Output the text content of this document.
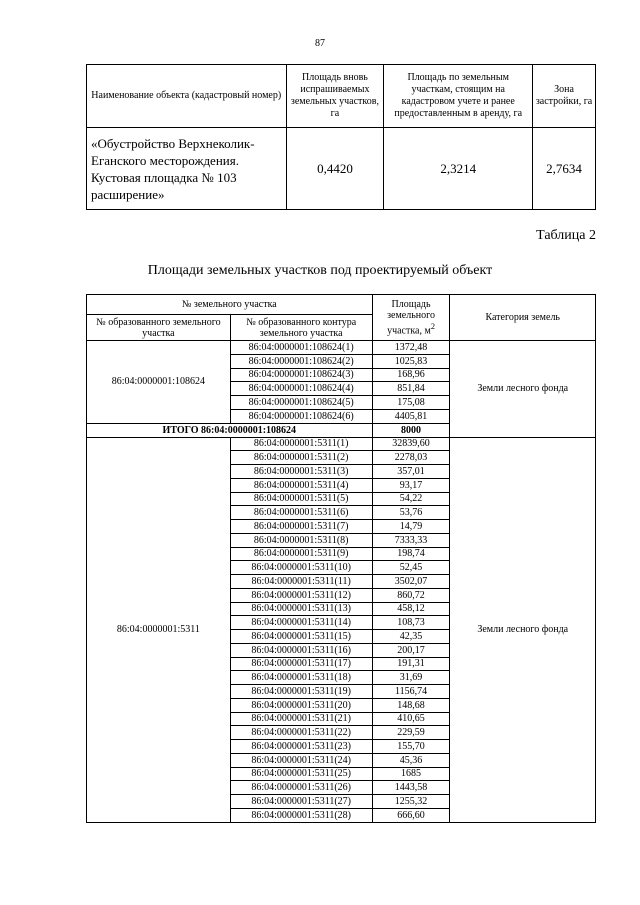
87
Наименование объекта (кадастровый номер)	Площадь вновь испрашиваемых земельных участков, га	Площадь по земельным участкам, стоящим на кадастровом учете и ранее предоставленным в аренду, га	Зона застройки, га
«Обустройство Верхнеколик-Еганского месторождения. Кустовая площадка № 103 расширение»	0,4420	2,3214	2,7634
Таблица 2
Площади земельных участков под проектируемый объект
№ земельного участка		Площадь земельного участка, $м^2$	Категория земель
№ образованного земельного участка	№ образованного контура земельного участка		
86:04:0000001:108624	86:04:0000001:108624(1)	1372,48	Земли лесного фонда
	86:04:0000001:108624(2)	1025,83	
	86:04:0000001:108624(3)	168,96	
	86:04:0000001:108624(4)	851,84	
	86:04:0000001:108624(5)	175,08	
	86:04:0000001:108624(6)	4405,81	
ИТОГО 86:04:0000001:108624		8000	
86:04:0000001:5311	86:04:0000001:5311(1)	32839,60	Земли лесного фонда
	86:04:0000001:5311(2)	2278,03	
	86:04:0000001:5311(3)	357,01	
	86:04:0000001:5311(4)	93,17	
	86:04:0000001:5311(5)	54,22	
	86:04:0000001:5311(6)	53,76	
	86:04:0000001:5311(7)	14,79	
	86:04:0000001:5311(8)	7333,33	
	86:04:0000001:5311(9)	198,74	
	86:04:0000001:5311(10)	52,45	
	86:04:0000001:5311(11)	3502,07	
	86:04:0000001:5311(12)	860,72	
	86:04:0000001:5311(13)	458,12	
	86:04:0000001:5311(14)	108,73	
	86:04:0000001:5311(15)	42,35	
	86:04:0000001:5311(16)	200,17	
	86:04:0000001:5311(17)	191,31	
	86:04:0000001:5311(18)	31,69	
	86:04:0000001:5311(19)	1156,74	
	86:04:0000001:5311(20)	148,68	
	86:04:0000001:5311(21)	410,65	
	86:04:0000001:5311(22)	229,59	
	86:04:0000001:5311(23)	155,70	
	86:04:0000001:5311(24)	45,36	
	86:04:0000001:5311(25)	1685	
	86:04:0000001:5311(26)	1443,58	
	86:04:0000001:5311(27)	1255,32	
	86:04:0000001:5311(28)	666,60	
